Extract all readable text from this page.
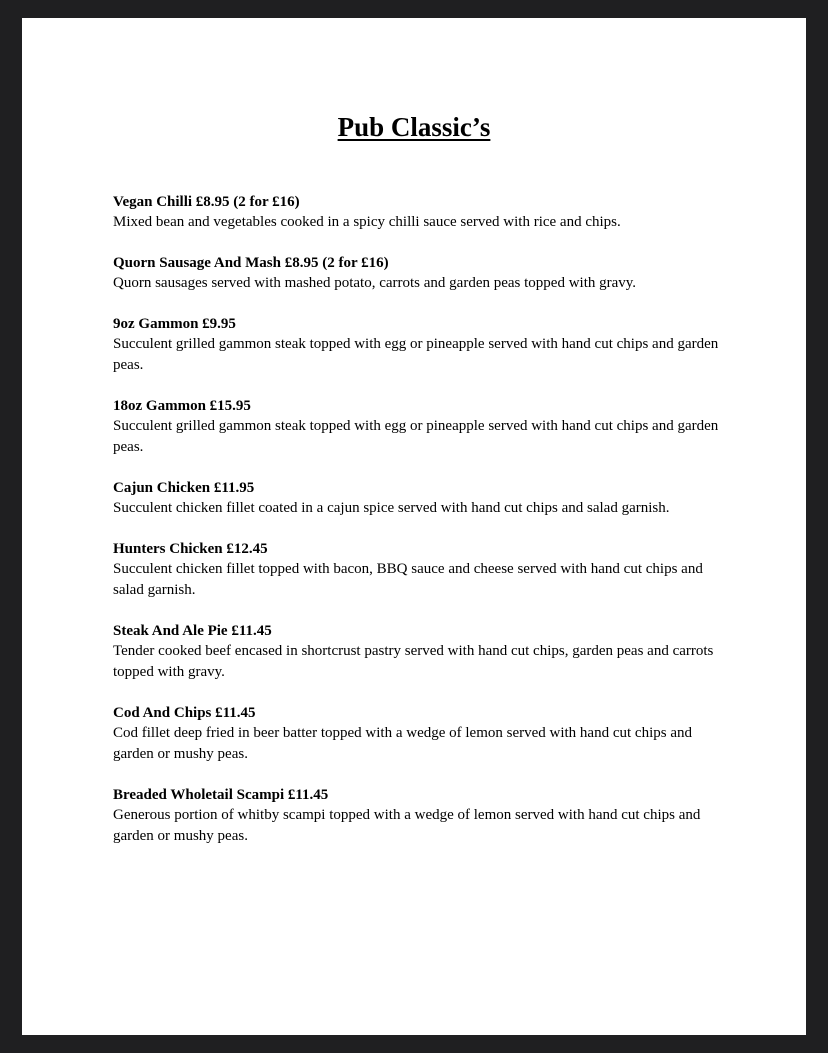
Pub Classic’s
Vegan Chilli £8.95 (2 for £16)
Mixed bean and vegetables cooked in a spicy chilli sauce served with rice and chips.
Quorn Sausage And Mash £8.95 (2 for £16)
Quorn sausages served with mashed potato, carrots and garden peas topped with gravy.
9oz Gammon £9.95
Succulent grilled gammon steak topped with egg or pineapple served with hand cut chips and garden peas.
18oz Gammon £15.95
Succulent grilled gammon steak topped with egg or pineapple served with hand cut chips and garden peas.
Cajun Chicken £11.95
Succulent chicken fillet coated in a cajun spice served with hand cut chips and salad garnish.
Hunters Chicken £12.45
Succulent chicken fillet topped with bacon, BBQ sauce and cheese served with hand cut chips and salad garnish.
Steak And Ale Pie £11.45
Tender cooked beef encased in shortcrust pastry served with hand cut chips, garden peas and carrots topped with gravy.
Cod And Chips £11.45
Cod fillet deep fried in beer batter topped with a wedge of lemon served with hand cut chips and garden or mushy peas.
Breaded Wholetail Scampi £11.45
Generous portion of whitby scampi topped with a wedge of lemon served with hand cut chips and garden or mushy peas.
